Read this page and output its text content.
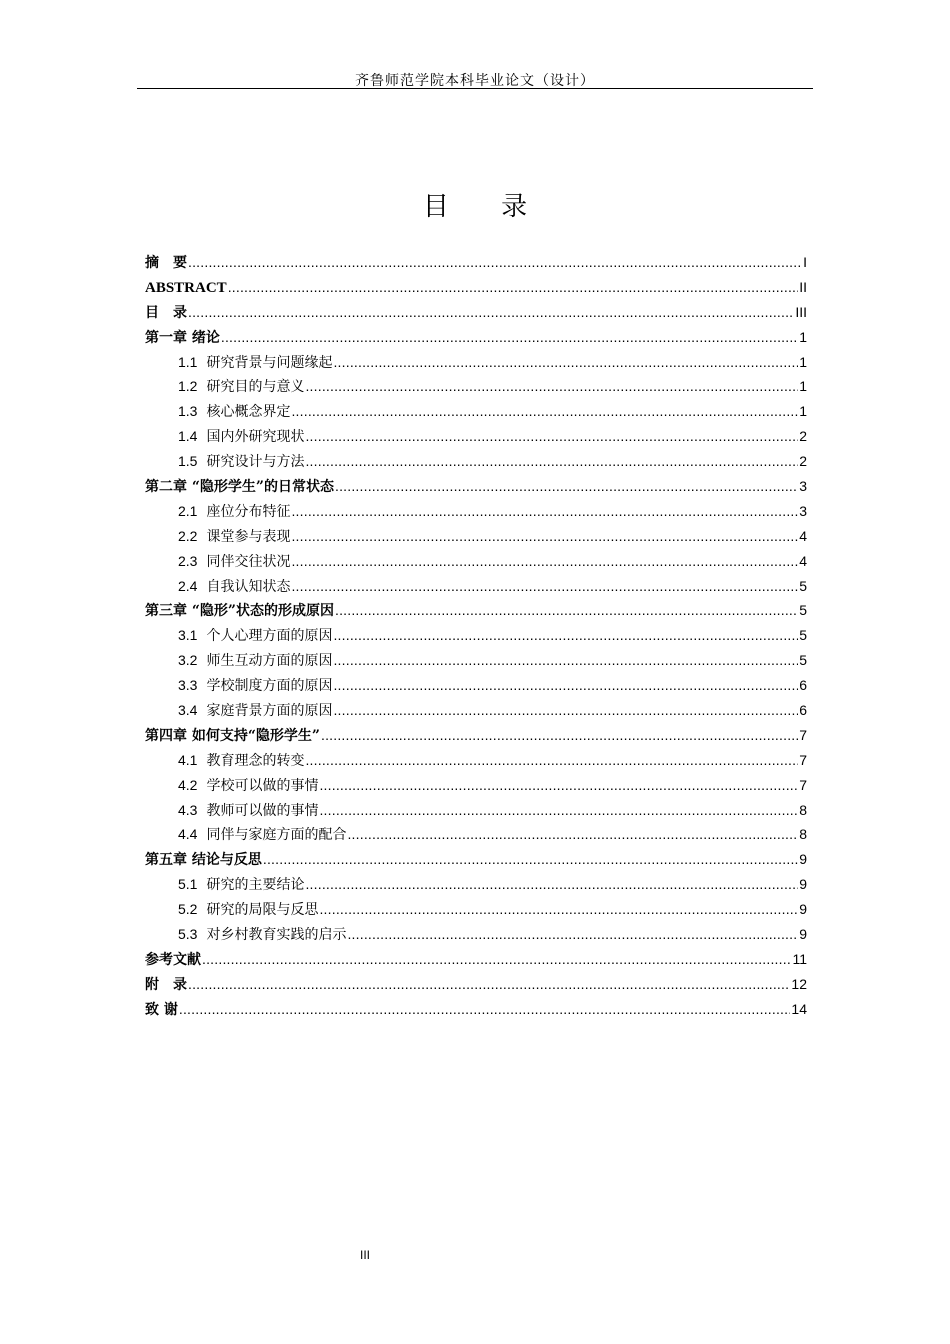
齐鲁师范学院本科毕业论文（设计）
目 录
摘　要 .....	I
ABSTRACT .....	II
目　录 .....	III
第一章 绪论 .....	1
1.1 研究背景与问题缘起 .....	1
1.2 研究目的与意义 .....	1
1.3 核心概念界定 .....	1
1.4 国内外研究现状 .....	2
1.5 研究设计与方法 .....	2
第二章 “隐形学生”的日常状态 .....	3
2.1 座位分布特征 .....	3
2.2 课堂参与表现 .....	4
2.3 同伴交往状况 .....	4
2.4 自我认知状态 .....	5
第三章 “隐形”状态的形成原因 .....	5
3.1 个人心理方面的原因 .....	5
3.2 师生互动方面的原因 .....	5
3.3 学校制度方面的原因 .....	6
3.4 家庭背景方面的原因 .....	6
第四章 如何支持“隐形学生” .....	7
4.1 教育理念的转变 .....	7
4.2 学校可以做的事情 .....	7
4.3 教师可以做的事情 .....	8
4.4 同伴与家庭方面的配合 .....	8
第五章 结论与反思 .....	9
5.1 研究的主要结论 .....	9
5.2 研究的局限与反思 .....	9
5.3 对乡村教育实践的启示 .....	9
参考文献 .....	11
附　录 .....	12
致 谢 .....	14
III
